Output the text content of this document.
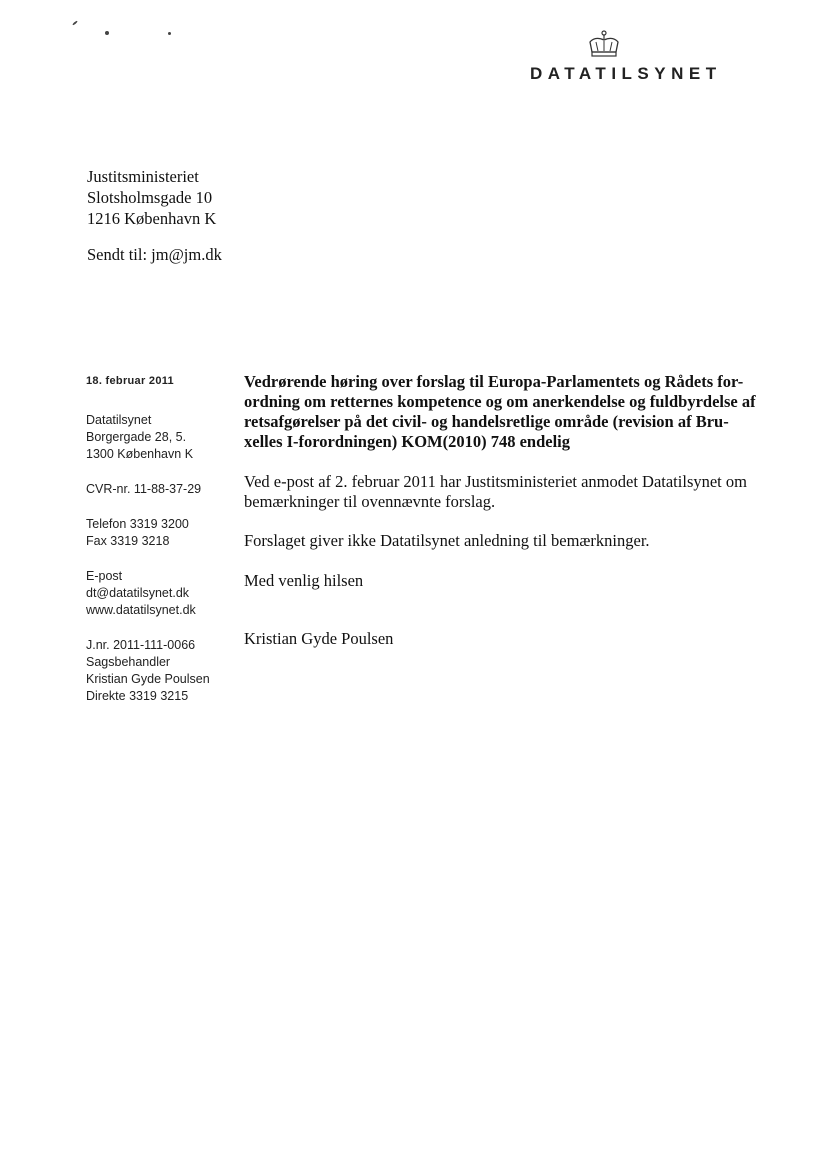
DATATILSYNET
Justitsministeriet
Slotsholmsgade 10
1216 København K
Sendt til: jm@jm.dk
18. februar 2011
Datatilsynet
Borgergade 28, 5.
1300 København K
CVR-nr. 11-88-37-29
Telefon 3319 3200
Fax 3319 3218
E-post
dt@datatilsynet.dk
www.datatilsynet.dk
J.nr. 2011-111-0066
Sagsbehandler
Kristian Gyde Poulsen
Direkte 3319 3215
Vedrørende høring over forslag til Europa-Parlamentets og Rådets for-
ordning om retternes kompetence og om anerkendelse og fuldbyrdelse af
retsafgørelser på det civil- og handelsretlige område (revision af Bru-
xelles I-forordningen) KOM(2010) 748 endelig
Ved e-post af 2. februar 2011 har Justitsministeriet anmodet Datatilsynet om
bemærkninger til ovennævnte forslag.
Forslaget giver ikke Datatilsynet anledning til bemærkninger.
Med venlig hilsen
Kristian Gyde Poulsen
